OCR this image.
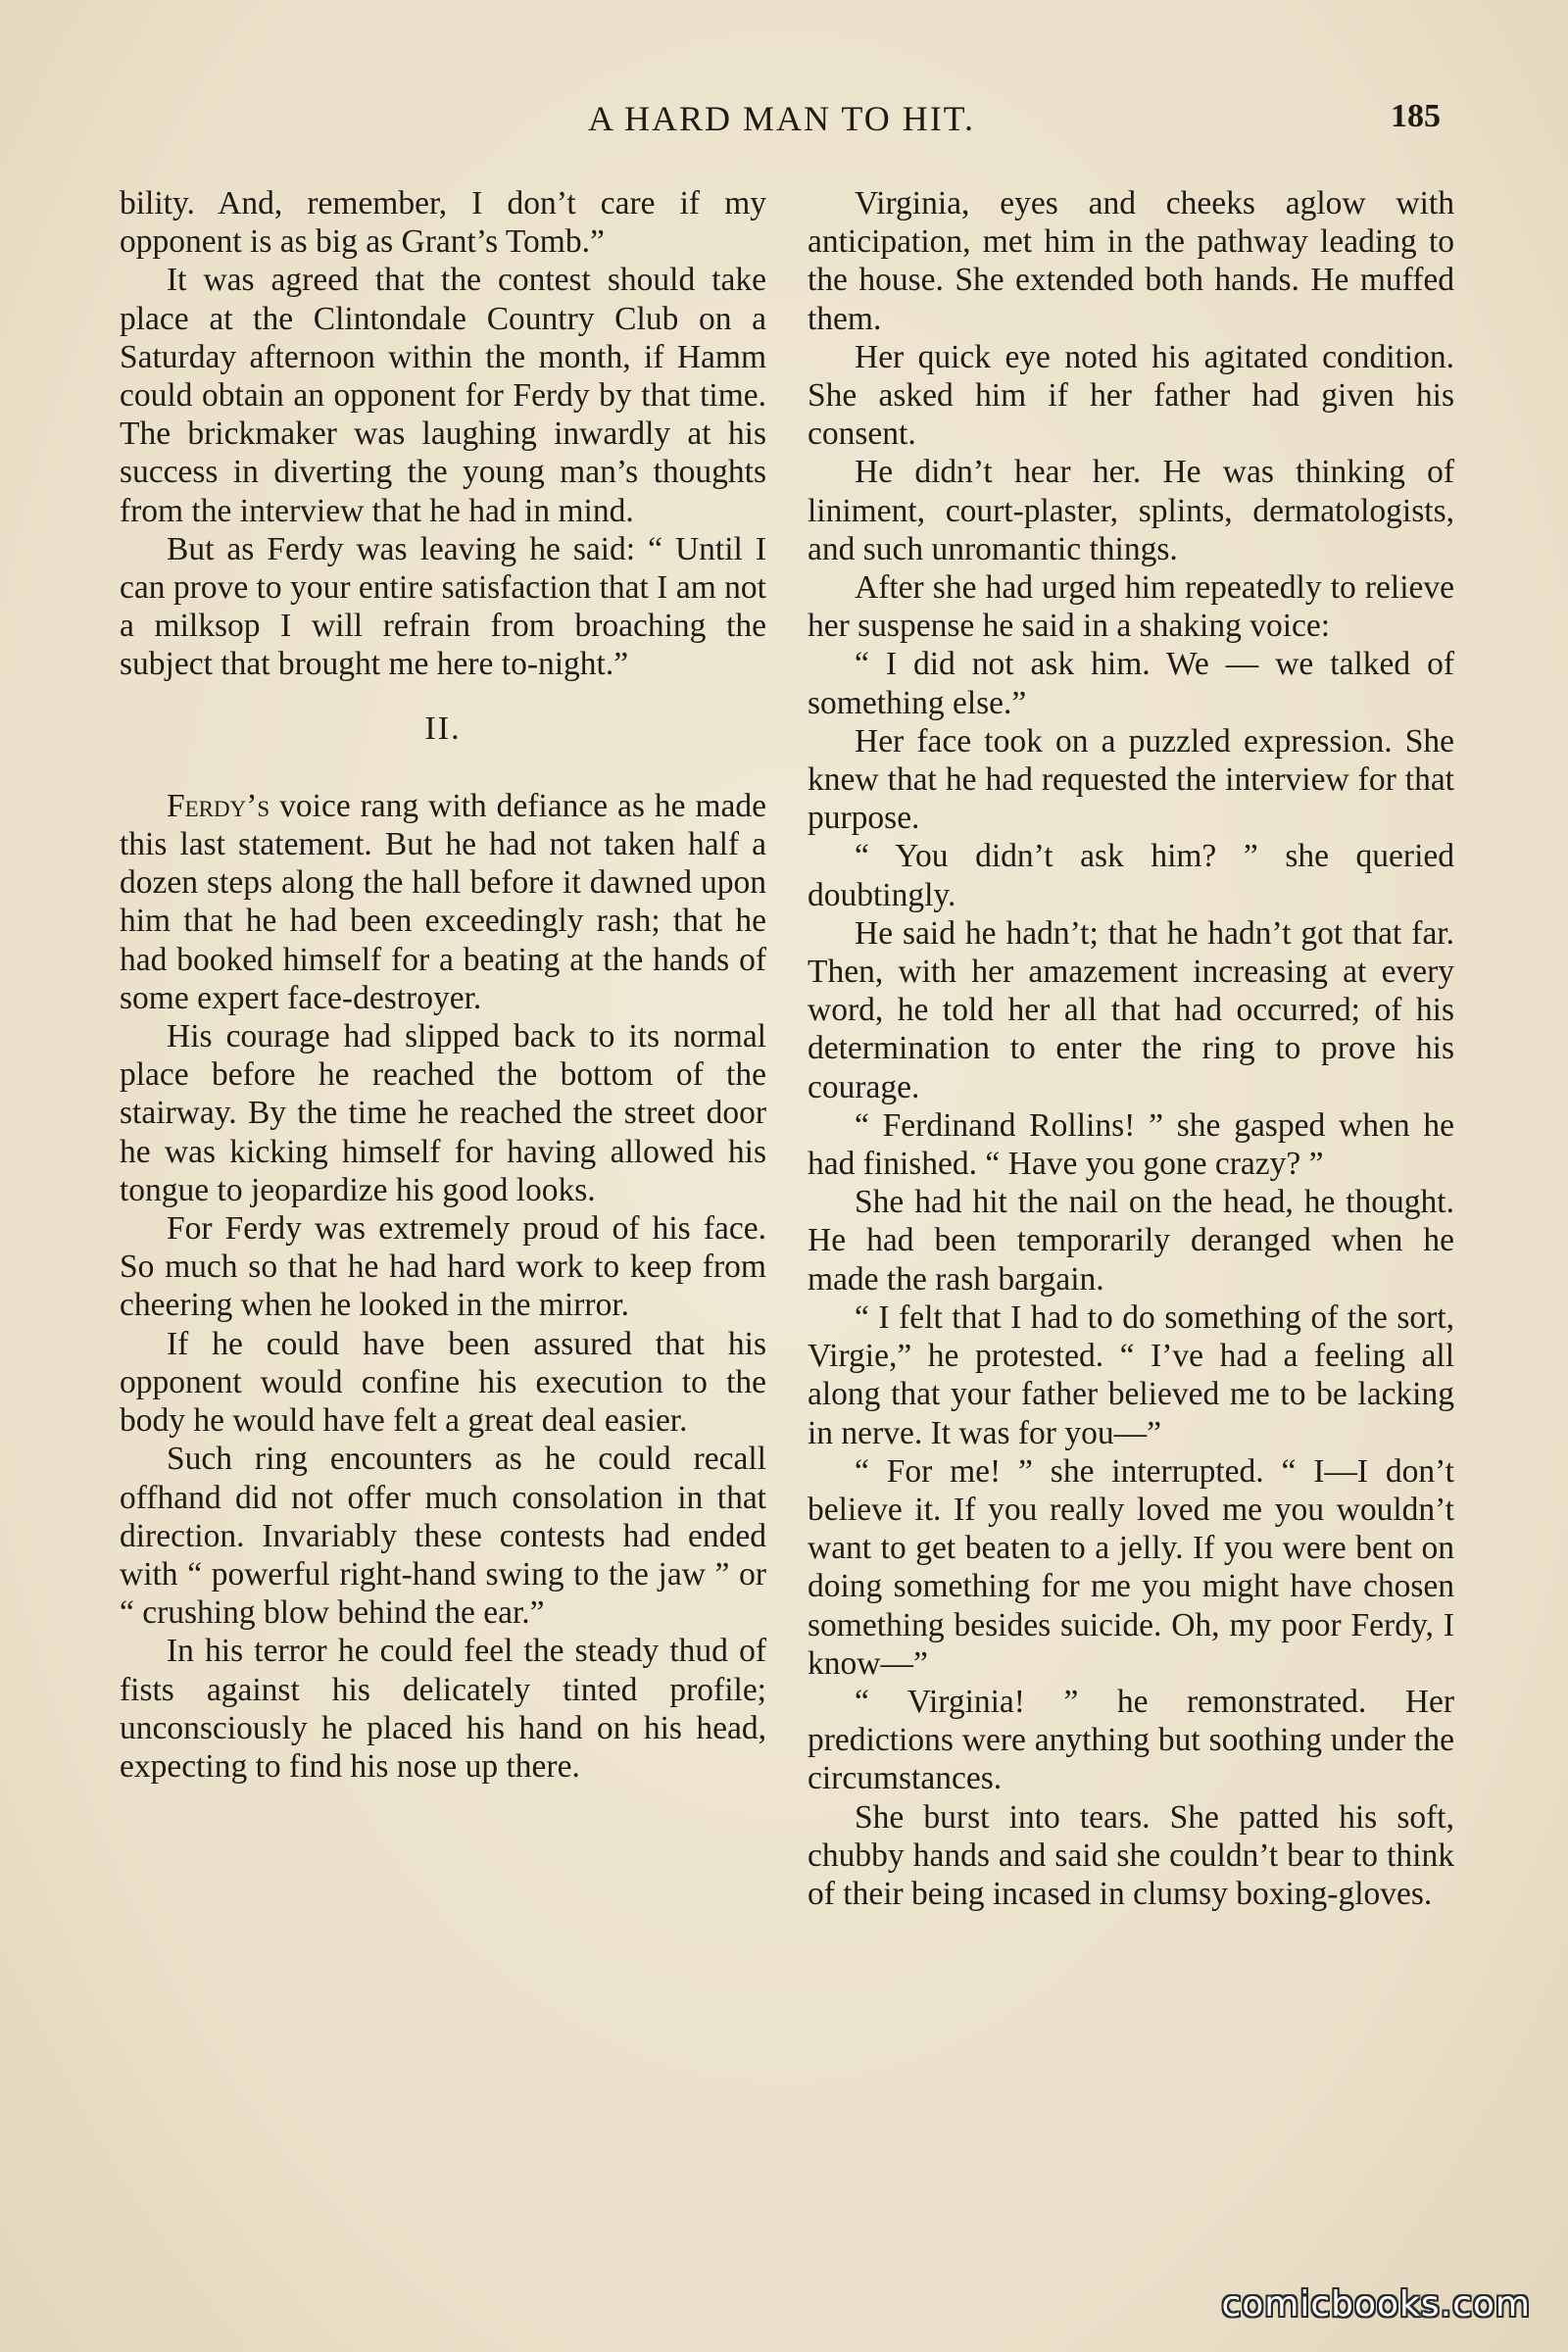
A HARD MAN TO HIT.	185

bility. And, remember, I don’t care if my opponent is as big as Grant’s Tomb.”

It was agreed that the contest should take place at the Clintondale Country Club on a Saturday afternoon within the month, if Hamm could obtain an opponent for Ferdy by that time. The brickmaker was laughing inwardly at his success in diverting the young man’s thoughts from the interview that he had in mind.

But as Ferdy was leaving he said: “ Until I can prove to your entire satisfaction that I am not a milksop I will refrain from broaching the subject that brought me here to-night.”

II.

Ferdy’s voice rang with defiance as he made this last statement. But he had not taken half a dozen steps along the hall before it dawned upon him that he had been exceedingly rash; that he had booked himself for a beating at the hands of some expert face-destroyer.

His courage had slipped back to its normal place before he reached the bottom of the stairway. By the time he reached the street door he was kicking himself for having allowed his tongue to jeopardize his good looks.

For Ferdy was extremely proud of his face. So much so that he had hard work to keep from cheering when he looked in the mirror.

If he could have been assured that his opponent would confine his execution to the body he would have felt a great deal easier.

Such ring encounters as he could recall offhand did not offer much consolation in that direction. Invariably these contests had ended with “ powerful right-hand swing to the jaw ” or “ crushing blow behind the ear.”

In his terror he could feel the steady thud of fists against his delicately tinted profile; unconsciously he placed his hand on his head, expecting to find his nose up there.

Virginia, eyes and cheeks aglow with anticipation, met him in the pathway leading to the house. She extended both hands. He muffed them.

Her quick eye noted his agitated condition. She asked him if her father had given his consent.

He didn’t hear her. He was thinking of liniment, court-plaster, splints, dermatologists, and such unromantic things.

After she had urged him repeatedly to relieve her suspense he said in a shaking voice:

“ I did not ask him. We — we talked of something else.”

Her face took on a puzzled expression. She knew that he had requested the interview for that purpose.

“ You didn’t ask him? ” she queried doubtingly.

He said he hadn’t; that he hadn’t got that far. Then, with her amazement increasing at every word, he told her all that had occurred; of his determination to enter the ring to prove his courage.

“ Ferdinand Rollins! ” she gasped when he had finished. “ Have you gone crazy? ”

She had hit the nail on the head, he thought. He had been temporarily deranged when he made the rash bargain.

“ I felt that I had to do something of the sort, Virgie,” he protested. “ I’ve had a feeling all along that your father believed me to be lacking in nerve. It was for you—”

“ For me! ” she interrupted. “ I—I don’t believe it. If you really loved me you wouldn’t want to get beaten to a jelly. If you were bent on doing something for me you might have chosen something besides suicide. Oh, my poor Ferdy, I know—”

“ Virginia! ” he remonstrated. Her predictions were anything but soothing under the circumstances.

She burst into tears. She patted his soft, chubby hands and said she couldn’t bear to think of their being incased in clumsy boxing-gloves.

comicbooks.com
